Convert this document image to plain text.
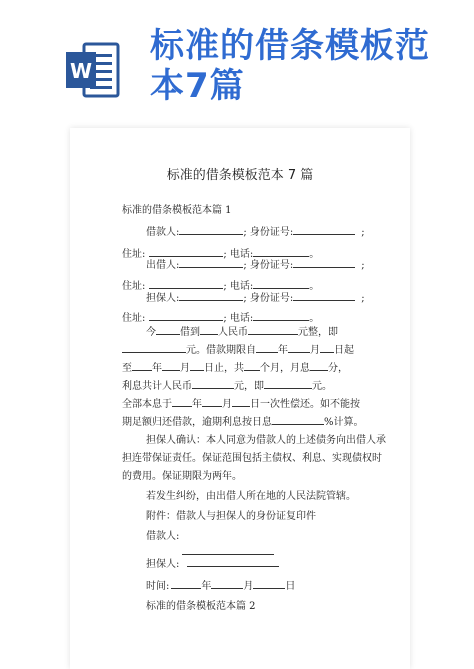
W
标准的借条模板范本7篇
标准的借条模板范本 7 篇
标准的借条模板范本篇 1
借款人:	; 身份证号:	;
住址:	; 电话:	。
出借人:	; 身份证号:	;
住址:	; 电话:	。
担保人:	; 身份证号:	;
住址:	; 电话:	。
今 借到 人民币	元整，即
元。借款期限自 年 月 日起
至 年 月 日止，共 个月，月息 分，
利息共计人民币	元，即	元。
全部本息于 年 月 日一次性偿还。如不能按
期足额归还借款，逾期利息按日息	%计算。
担保人确认：本人同意为借款人的上述债务向出借人承
担连带保证责任。保证范围包括主债权、利息、实现债权时
的费用。保证期限为两年。
若发生纠纷，由出借人所在地的人民法院管辖。
附件：借款人与担保人的身份证复印件
借款人:
担保人:
时间:	年	月	日
标准的借条模板范本篇 2
